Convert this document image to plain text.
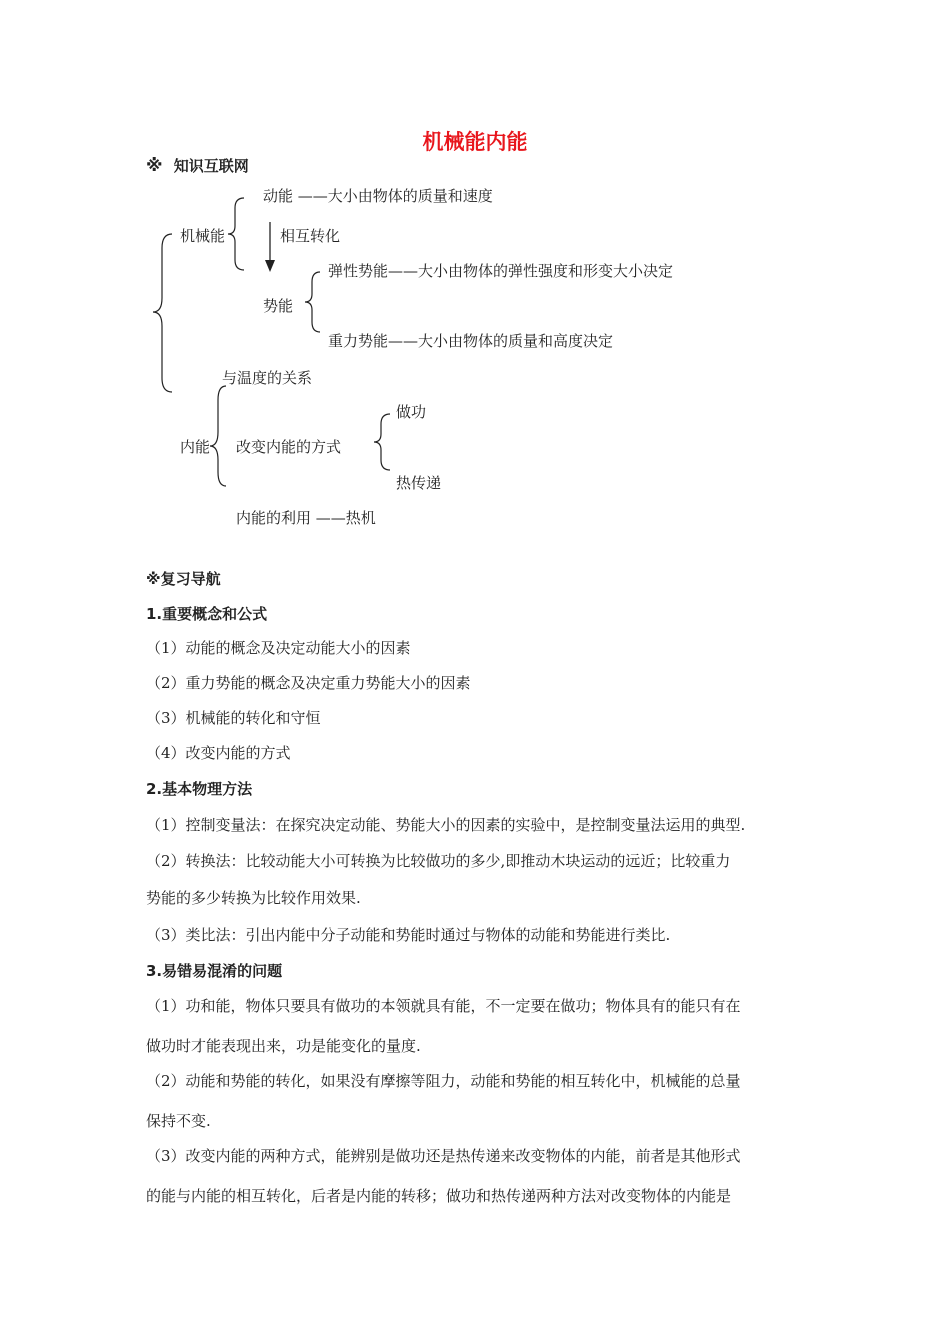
机械能内能
※ 知识互联网
动能 ——大小由物体的质量和速度
机械能	相互转化
弹性势能——大小由物体的弹性强度和形变大小决定
势能
重力势能——大小由物体的质量和高度决定
与温度的关系
做功
内能 改变内能的方式
热传递
内能的利用 ——热机
※复习导航
1.重要概念和公式
（1）动能的概念及决定动能大小的因素
（2）重力势能的概念及决定重力势能大小的因素
（3）机械能的转化和守恒
（4）改变内能的方式
2.基本物理方法
（1）控制变量法：在探究决定动能、势能大小的因素的实验中，是控制变量法运用的典型.
（2）转换法：比较动能大小可转换为比较做功的多少,即推动木块运动的远近；比较重力
势能的多少转换为比较作用效果.
（3）类比法：引出内能中分子动能和势能时通过与物体的动能和势能进行类比.
3.易错易混淆的问题
（1）功和能，物体只要具有做功的本领就具有能，不一定要在做功；物体具有的能只有在
做功时才能表现出来，功是能变化的量度.
（2）动能和势能的转化，如果没有摩擦等阻力，动能和势能的相互转化中，机械能的总量
保持不变.
（3）改变内能的两种方式，能辨别是做功还是热传递来改变物体的内能，前者是其他形式
的能与内能的相互转化，后者是内能的转移；做功和热传递两种方法对改变物体的内能是
